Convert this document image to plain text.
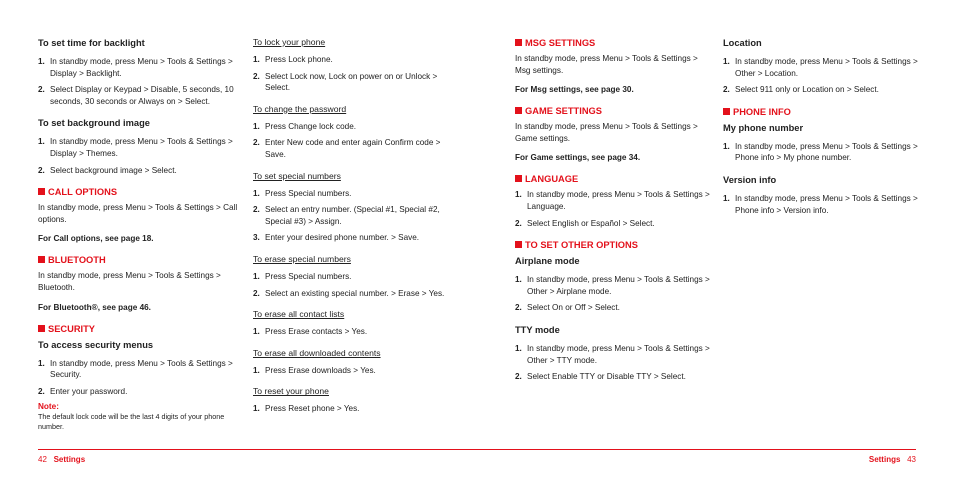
To set time for backlight
1. In standby mode, press Menu > Tools & Settings > Display > Backlight.
2. Select Display or Keypad > Disable, 5 seconds, 10 seconds, 30 seconds or Always on > Select.
To set background image
1. In standby mode, press Menu > Tools & Settings > Display > Themes.
2. Select background image > Select.
CALL OPTIONS
In standby mode, press Menu > Tools & Settings > Call options.
For Call options, see page 18.
BLUETOOTH
In standby mode, press Menu > Tools & Settings > Bluetooth.
For Bluetooth®, see page 46.
SECURITY
To access security menus
1. In standby mode, press Menu > Tools & Settings > Security.
2. Enter your password.
Note:
The default lock code will be the last 4 digits of your phone number.
To lock your phone
1. Press Lock phone.
2. Select Lock now, Lock on power on or Unlock > Select.
To change the password
1. Press Change lock code.
2. Enter New code and enter again Confirm code > Save.
To set special numbers
1. Press Special numbers.
2. Select an entry number. (Special #1, Special #2, Special #3) > Assign.
3. Enter your desired phone number. > Save.
To erase special numbers
1. Press Special numbers.
2. Select an existing special number. > Erase > Yes.
To erase all contact lists
1. Press Erase contacts > Yes.
To erase all downloaded contents
1. Press Erase downloads > Yes.
To reset your phone
1. Press Reset phone > Yes.
MSG SETTINGS
In standby mode, press Menu > Tools & Settings > Msg settings.
For Msg settings, see page 30.
GAME SETTINGS
In standby mode, press Menu > Tools & Settings > Game settings.
For Game settings, see page 34.
LANGUAGE
1. In standby mode, press Menu > Tools & Settings > Language.
2. Select English or Español > Select.
TO SET OTHER OPTIONS
Airplane mode
1. In standby mode, press Menu > Tools & Settings > Other > Airplane mode.
2. Select On or Off > Select.
TTY mode
1. In standby mode, press Menu > Tools & Settings > Other > TTY mode.
2. Select Enable TTY or Disable TTY > Select.
Location
1. In standby mode, press Menu > Tools & Settings > Other > Location.
2. Select 911 only or Location on > Select.
PHONE INFO
My phone number
1. In standby mode, press Menu > Tools & Settings > Phone info > My phone number.
Version info
1. In standby mode, press Menu > Tools & Settings > Phone info > Version info.
42 Settings	Settings 43
